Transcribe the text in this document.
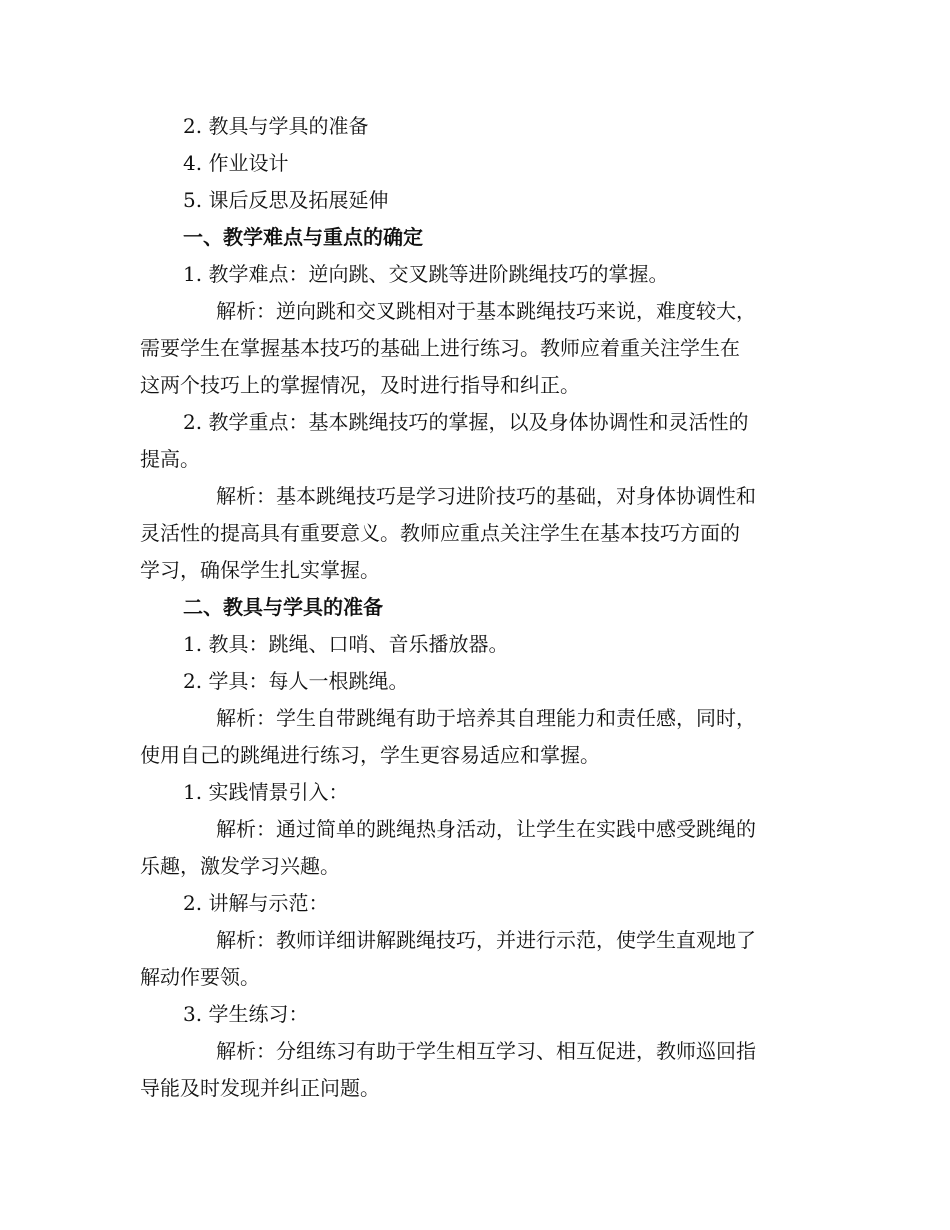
2. 教具与学具的准备
4. 作业设计
5. 课后反思及拓展延伸
一、教学难点与重点的确定
1. 教学难点：逆向跳、交叉跳等进阶跳绳技巧的掌握。
解析：逆向跳和交叉跳相对于基本跳绳技巧来说，难度较大，
需要学生在掌握基本技巧的基础上进行练习。教师应着重关注学生在
这两个技巧上的掌握情况，及时进行指导和纠正。
2. 教学重点：基本跳绳技巧的掌握，以及身体协调性和灵活性的
提高。
解析：基本跳绳技巧是学习进阶技巧的基础，对身体协调性和
灵活性的提高具有重要意义。教师应重点关注学生在基本技巧方面的
学习，确保学生扎实掌握。
二、教具与学具的准备
1. 教具：跳绳、口哨、音乐播放器。
2. 学具：每人一根跳绳。
解析：学生自带跳绳有助于培养其自理能力和责任感，同时，
使用自己的跳绳进行练习，学生更容易适应和掌握。
1. 实践情景引入：
解析：通过简单的跳绳热身活动，让学生在实践中感受跳绳的
乐趣，激发学习兴趣。
2. 讲解与示范：
解析：教师详细讲解跳绳技巧，并进行示范，使学生直观地了
解动作要领。
3. 学生练习：
解析：分组练习有助于学生相互学习、相互促进，教师巡回指
导能及时发现并纠正问题。
